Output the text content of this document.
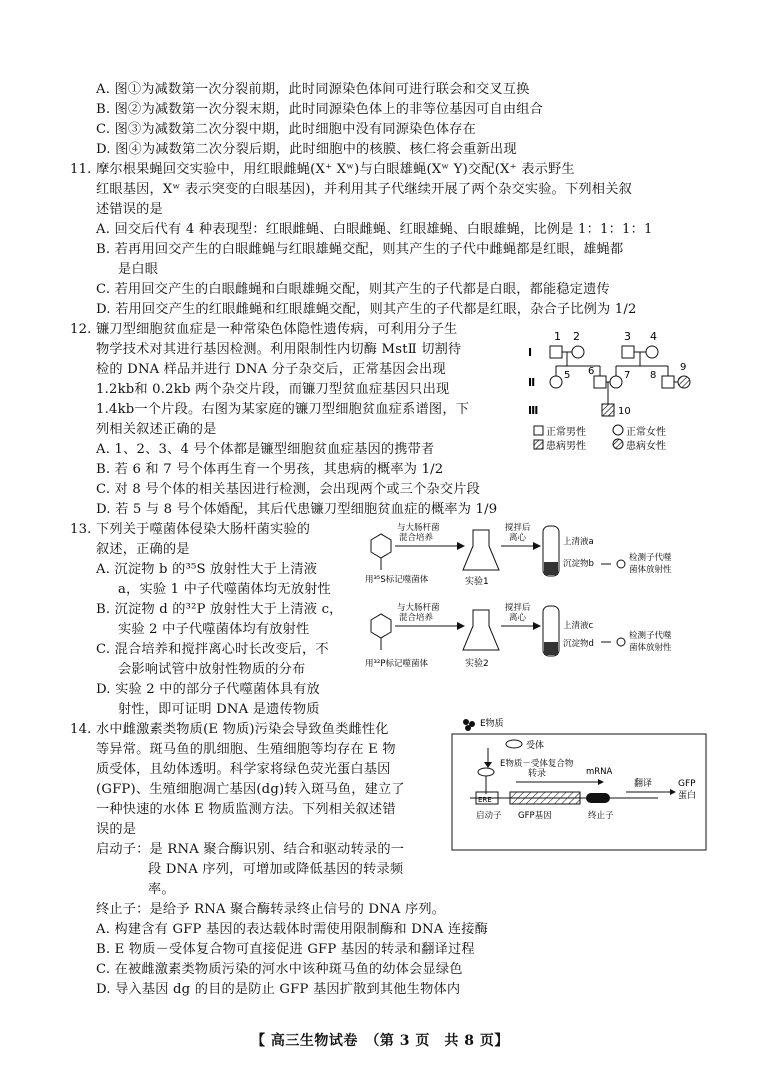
A. 图①为减数第一次分裂前期，此时同源染色体间可进行联会和交叉互换
B. 图②为减数第一次分裂末期，此时同源染色体上的非等位基因可自由组合
C. 图③为减数第二次分裂中期，此时细胞中没有同源染色体存在
D. 图④为减数第二次分裂后期，此时细胞中的核膜、核仁将会重新出现
11. 摩尔根果蝇回交实验中，用红眼雌蝇(X⁺ Xʷ)与白眼雄蝇(Xʷ Y)交配(X⁺ 表示野生
红眼基因，Xʷ 表示突变的白眼基因)，并利用其子代继续开展了两个杂交实验。下列相关叙
述错误的是
A. 回交后代有 4 种表现型：红眼雌蝇、白眼雌蝇、红眼雄蝇、白眼雄蝇，比例是 1：1：1：1
B. 若再用回交产生的白眼雌蝇与红眼雄蝇交配，则其产生的子代中雌蝇都是红眼，雄蝇都
是白眼
C. 若用回交产生的白眼雌蝇和白眼雄蝇交配，则其产生的子代都是白眼，都能稳定遗传
D. 若用回交产生的红眼雌蝇和红眼雄蝇交配，则其产生的子代都是红眼，杂合子比例为 1/2
12. 镰刀型细胞贫血症是一种常染色体隐性遗传病，可利用分子生
物学技术对其进行基因检测。利用限制性内切酶 MstⅡ 切割待
检的 DNA 样品并进行 DNA 分子杂交后，正常基因会出现
1.2kb和 0.2kb 两个杂交片段，而镰刀型贫血症基因只出现
1.4kb一个片段。右图为某家庭的镰刀型细胞贫血症系谱图，下
列相关叙述正确的是
A. 1、2、3、4 号个体都是镰型细胞贫血症基因的携带者
B. 若 6 和 7 号个体再生育一个男孩，其患病的概率为 1/2
C. 对 8 号个体的相关基因进行检测，会出现两个或三个杂交片段
D. 若 5 与 8 号个体婚配，其后代患镰刀型细胞贫血症的概率为 1/9
13. 下列关于噬菌体侵染大肠杆菌实验的
叙述，正确的是
A. 沉淀物 b 的³⁵S 放射性大于上清液
a，实验 1 中子代噬菌体均无放射性
B. 沉淀物 d 的³²P 放射性大于上清液 c，
实验 2 中子代噬菌体均有放射性
C. 混合培养和搅拌离心时长改变后，不
会影响试管中放射性物质的分布
D. 实验 2 中的部分子代噬菌体具有放
射性，即可证明 DNA 是遗传物质
14. 水中雌激素类物质(E 物质)污染会导致鱼类雌性化
等异常。斑马鱼的肌细胞、生殖细胞等均存在 E 物
质受体，且幼体透明。科学家将绿色荧光蛋白基因
(GFP)、生殖细胞凋亡基因(dg)转入斑马鱼，建立了
一种快速的水体 E 物质监测方法。下列相关叙述错
误的是
启动子：是 RNA 聚合酶识别、结合和驱动转录的一
段 DNA 序列，可增加或降低基因的转录频
率。
终止子：是给予 RNA 聚合酶转录终止信号的 DNA 序列。
A. 构建含有 GFP 基因的表达载体时需使用限制酶和 DNA 连接酶
B. E 物质－受体复合物可直接促进 GFP 基因的转录和翻译过程
C. 在被雌激素类物质污染的河水中该种斑马鱼的幼体会显绿色
D. 导入基因 dg 的目的是防止 GFP 基因扩散到其他生物体内
Ⅰ
Ⅱ
Ⅲ
1 2	3 4
5 6	7 8
9
10
正常男性	正常女性
患病男性	患病女性
与大肠杆菌
混合培养
搅拌后
离心	上清液a
沉淀物b
检测子代噬
菌体放射性
用³⁵S标记噬菌体	实验1
与大肠杆菌
混合培养
搅拌后
离心
上清液c
沉淀物d
检测子代噬
菌体放射性
用³²P标记噬菌体	实验2
E物质
受体
E物质－受体复合物
ERE
转录	mRNA
翻译	GFP
蛋白
启动子 GFP基因	终止子
【 高三生物试卷　（第 3 页　共 8 页】
